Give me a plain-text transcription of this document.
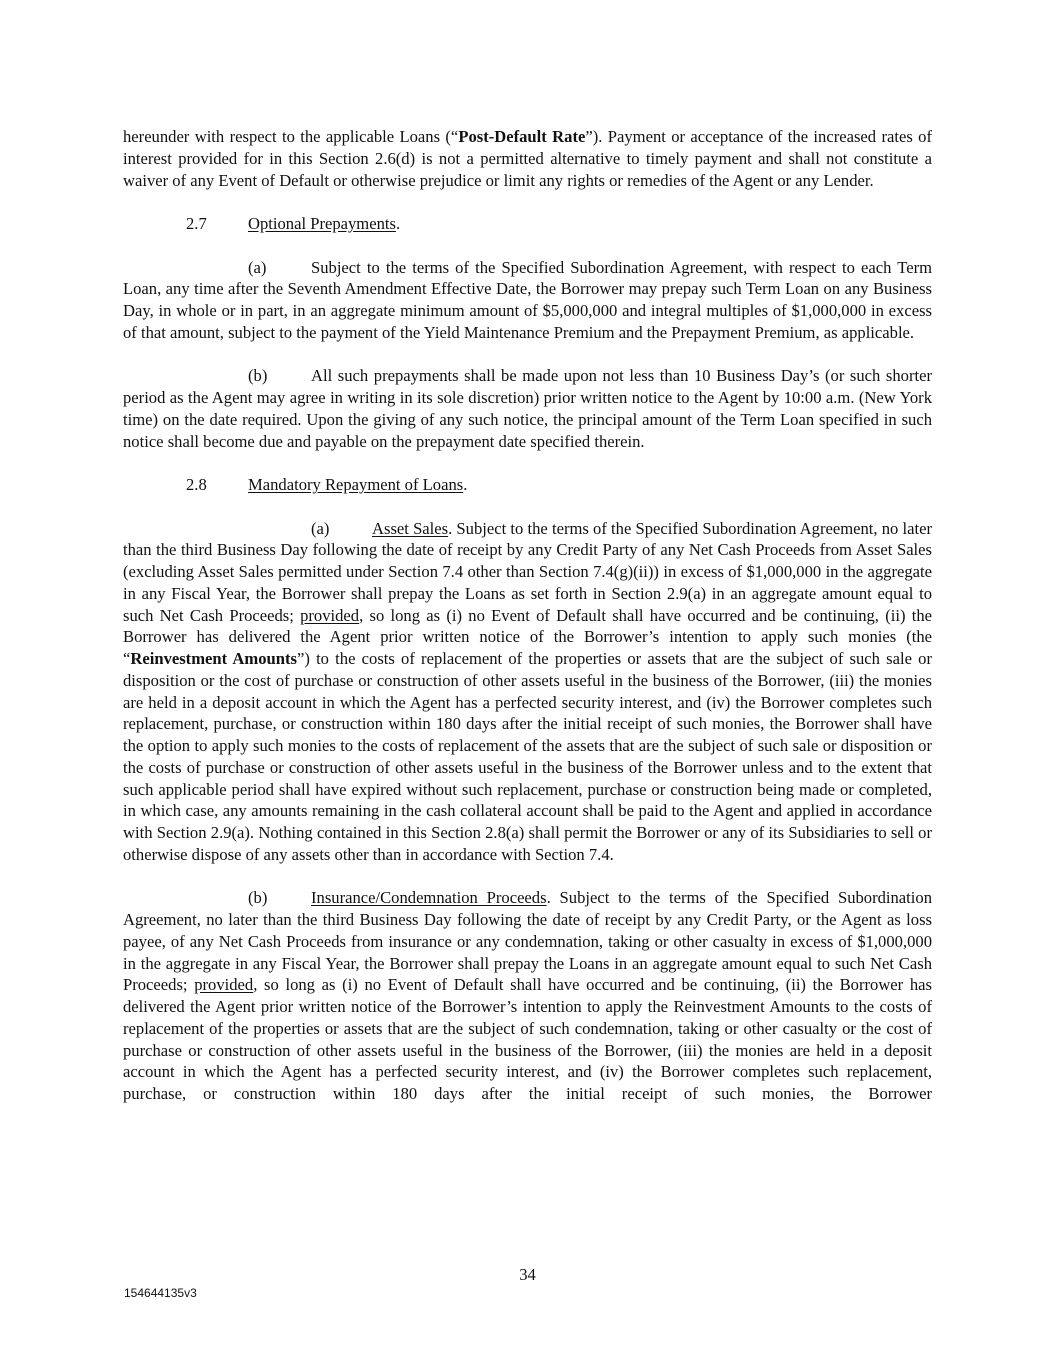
hereunder with respect to the applicable Loans (“Post-Default Rate”). Payment or acceptance of the increased rates of interest provided for in this Section 2.6(d) is not a permitted alternative to timely payment and shall not constitute a waiver of any Event of Default or otherwise prejudice or limit any rights or remedies of the Agent or any Lender.

2.7 Optional Prepayments.

(a)	Subject to the terms of the Specified Subordination Agreement, with respect to each Term Loan, any time after the Seventh Amendment Effective Date, the Borrower may prepay such Term Loan on any Business Day, in whole or in part, in an aggregate minimum amount of $5,000,000 and integral multiples of $1,000,000 in excess of that amount, subject to the payment of the Yield Maintenance Premium and the Prepayment Premium, as applicable.

(b)	All such prepayments shall be made upon not less than 10 Business Day’s (or such shorter period as the Agent may agree in writing in its sole discretion) prior written notice to the Agent by 10:00 a.m. (New York time) on the date required. Upon the giving of any such notice, the principal amount of the Term Loan specified in such notice shall become due and payable on the prepayment date specified therein.

2.8 Mandatory Repayment of Loans.

(a)	Asset Sales. Subject to the terms of the Specified Subordination Agreement, no later than the third Business Day following the date of receipt by any Credit Party of any Net Cash Proceeds from Asset Sales (excluding Asset Sales permitted under Section 7.4 other than Section 7.4(g)(ii)) in excess of $1,000,000 in the aggregate in any Fiscal Year, the Borrower shall prepay the Loans as set forth in Section 2.9(a) in an aggregate amount equal to such Net Cash Proceeds; provided, so long as (i) no Event of Default shall have occurred and be continuing, (ii) the Borrower has delivered the Agent prior written notice of the Borrower’s intention to apply such monies (the “Reinvestment Amounts”) to the costs of replacement of the properties or assets that are the subject of such sale or disposition or the cost of purchase or construction of other assets useful in the business of the Borrower, (iii) the monies are held in a deposit account in which the Agent has a perfected security interest, and (iv) the Borrower completes such replacement, purchase, or construction within 180 days after the initial receipt of such monies, the Borrower shall have the option to apply such monies to the costs of replacement of the assets that are the subject of such sale or disposition or the costs of purchase or construction of other assets useful in the business of the Borrower unless and to the extent that such applicable period shall have expired without such replacement, purchase or construction being made or completed, in which case, any amounts remaining in the cash collateral account shall be paid to the Agent and applied in accordance with Section 2.9(a). Nothing contained in this Section 2.8(a) shall permit the Borrower or any of its Subsidiaries to sell or otherwise dispose of any assets other than in accordance with Section 7.4.

(b)	Insurance/Condemnation Proceeds. Subject to the terms of the Specified Subordination Agreement, no later than the third Business Day following the date of receipt by any Credit Party, or the Agent as loss payee, of any Net Cash Proceeds from insurance or any condemnation, taking or other casualty in excess of $1,000,000 in the aggregate in any Fiscal Year, the Borrower shall prepay the Loans in an aggregate amount equal to such Net Cash Proceeds; provided, so long as (i) no Event of Default shall have occurred and be continuing, (ii) the Borrower has delivered the Agent prior written notice of the Borrower’s intention to apply the Reinvestment Amounts to the costs of replacement of the properties or assets that are the subject of such condemnation, taking or other casualty or the cost of purchase or construction of other assets useful in the business of the Borrower, (iii) the monies are held in a deposit account in which the Agent has a perfected security interest, and (iv) the Borrower completes such replacement, purchase, or construction within 180 days after the initial receipt of such monies, the Borrower

34
154644135v3
